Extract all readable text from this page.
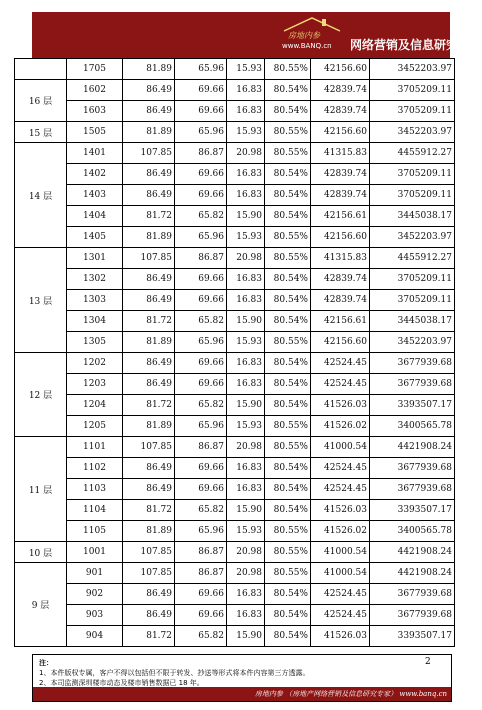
房地内参
www.BANQ.cn 网络营销及信息研究专家
	1705	81.89	65.96	15.93	80.55%	42156.60	3452203.97
16 层	1602	86.49	69.66	16.83	80.54%	42839.74	3705209.11
	1603	86.49	69.66	16.83	80.54%	42839.74	3705209.11
15 层	1505	81.89	65.96	15.93	80.55%	42156.60	3452203.97
14 层	1401	107.85	86.87	20.98	80.55%	41315.83	4455912.27
	1402	86.49	69.66	16.83	80.54%	42839.74	3705209.11
	1403	86.49	69.66	16.83	80.54%	42839.74	3705209.11
	1404	81.72	65.82	15.90	80.54%	42156.61	3445038.17
	1405	81.89	65.96	15.93	80.55%	42156.60	3452203.97
13 层	1301	107.85	86.87	20.98	80.55%	41315.83	4455912.27
	1302	86.49	69.66	16.83	80.54%	42839.74	3705209.11
	1303	86.49	69.66	16.83	80.54%	42839.74	3705209.11
	1304	81.72	65.82	15.90	80.54%	42156.61	3445038.17
	1305	81.89	65.96	15.93	80.55%	42156.60	3452203.97
12 层	1202	86.49	69.66	16.83	80.54%	42524.45	3677939.68
	1203	86.49	69.66	16.83	80.54%	42524.45	3677939.68
	1204	81.72	65.82	15.90	80.54%	41526.03	3393507.17
	1205	81.89	65.96	15.93	80.55%	41526.02	3400565.78
11 层	1101	107.85	86.87	20.98	80.55%	41000.54	4421908.24
	1102	86.49	69.66	16.83	80.54%	42524.45	3677939.68
	1103	86.49	69.66	16.83	80.54%	42524.45	3677939.68
	1104	81.72	65.82	15.90	80.54%	41526.03	3393507.17
	1105	81.89	65.96	15.93	80.55%	41526.02	3400565.78
10 层	1001	107.85	86.87	20.98	80.55%	41000.54	4421908.24
9 层	901	107.85	86.87	20.98	80.55%	41000.54	4421908.24
	902	86.49	69.66	16.83	80.54%	42524.45	3677939.68
	903	86.49	69.66	16.83	80.54%	42524.45	3677939.68
	904	81.72	65.82	15.90	80.54%	41526.03	3393507.17
注：
1、本件版权专属，客户不得以包括但不限于转发、抄送等形式将本件内容第三方透露。
2、本司监测深圳楼市动态及楼市销售数据已 18 年。
2
房地内参 （房地产网络营销及信息研究专家） www.banq.cn
